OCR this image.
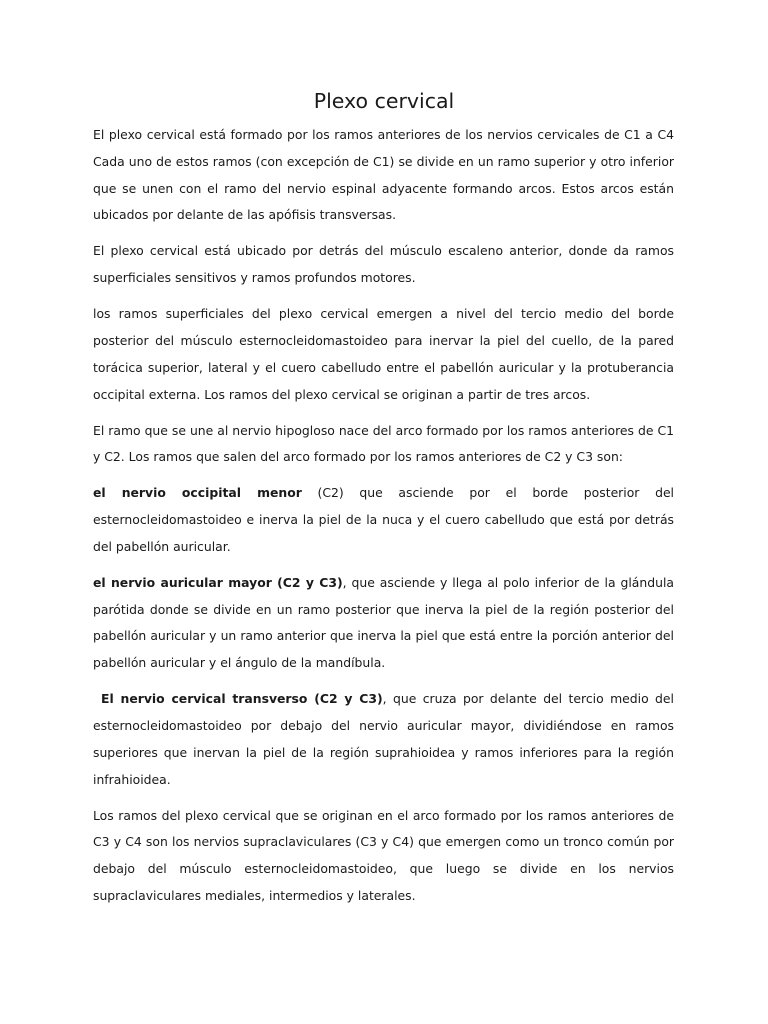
Plexo cervical

El plexo cervical está formado por los ramos anteriores de los nervios cervicales de C1 a C4 Cada uno de estos ramos (con excepción de C1) se divide en un ramo superior y otro inferior que se unen con el ramo del nervio espinal adyacente formando arcos. Estos arcos están ubicados por delante de las apófisis transversas.

El plexo cervical está ubicado por detrás del músculo escaleno anterior, donde da ramos superficiales sensitivos y ramos profundos motores.

los ramos superficiales del plexo cervical emergen a nivel del tercio medio del borde posterior del músculo esternocleidomastoideo para inervar la piel del cuello, de la pared torácica superior, lateral y el cuero cabelludo entre el pabellón auricular y la protuberancia occipital externa. Los ramos del plexo cervical se originan a partir de tres arcos.

El ramo que se une al nervio hipogloso nace del arco formado por los ramos anteriores de C1 y C2. Los ramos que salen del arco formado por los ramos anteriores de C2 y C3 son:

el nervio occipital menor (C2) que asciende por el borde posterior del esternocleidomastoideo e inerva la piel de la nuca y el cuero cabelludo que está por detrás del pabellón auricular.

el nervio auricular mayor (C2 y C3), que asciende y llega al polo inferior de la glándula parótida donde se divide en un ramo posterior que inerva la piel de la región posterior del pabellón auricular y un ramo anterior que inerva la piel que está entre la porción anterior del pabellón auricular y el ángulo de la mandíbula.

El nervio cervical transverso (C2 y C3), que cruza por delante del tercio medio del esternocleidomastoideo por debajo del nervio auricular mayor, dividiéndose en ramos superiores que inervan la piel de la región suprahioidea y ramos inferiores para la región infrahioidea.

Los ramos del plexo cervical que se originan en el arco formado por los ramos anteriores de C3 y C4 son los nervios supraclaviculares (C3 y C4) que emergen como un tronco común por debajo del músculo esternocleidomastoideo, que luego se divide en los nervios supraclaviculares mediales, intermedios y laterales.
